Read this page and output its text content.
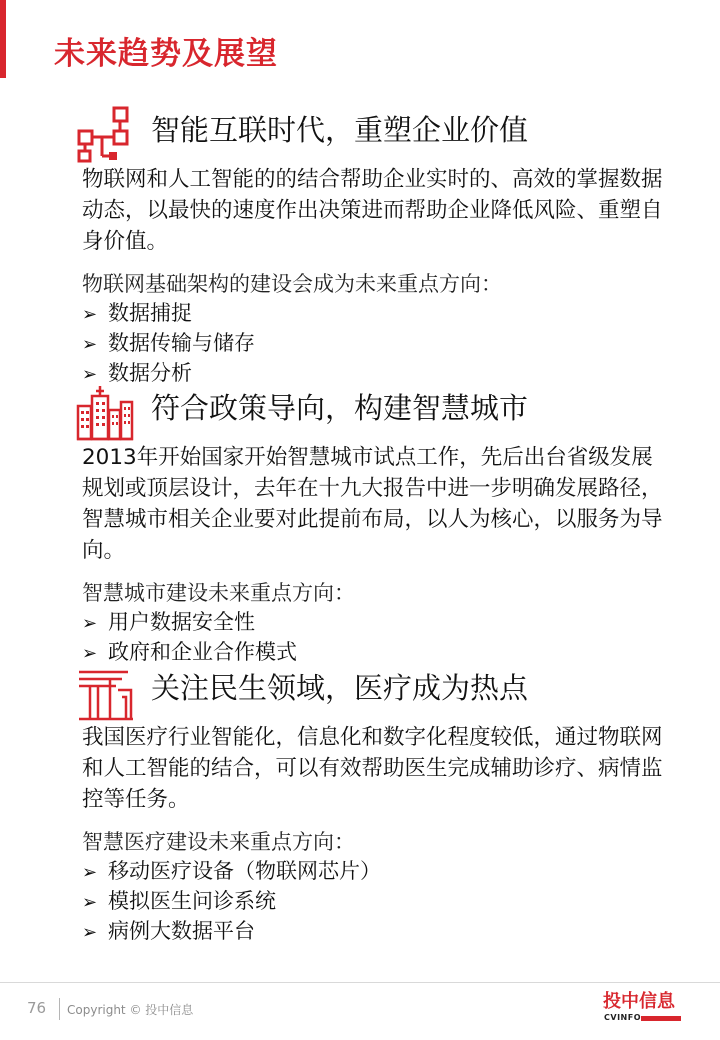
未来趋势及展望
智能互联时代，重塑企业价值

物联网和人工智能的的结合帮助企业实时的、高效的掌握数据动态，以最快的速度作出决策进而帮助企业降低风险、重塑自身价值。

物联网基础架构的建设会成为未来重点方向：

➢ 数据捕捉
➢ 数据传输与储存
➢ 数据分析
符合政策导向，构建智慧城市

2013年开始国家开始智慧城市试点工作，先后出台省级发展规划或顶层设计，去年在十九大报告中进一步明确发展路径，智慧城市相关企业要对此提前布局，以人为核心，以服务为导向。

智慧城市建设未来重点方向：

➢ 用户数据安全性
➢ 政府和企业合作模式
关注民生领域，医疗成为热点

我国医疗行业智能化，信息化和数字化程度较低，通过物联网和人工智能的结合，可以有效帮助医生完成辅助诊疗、病情监控等任务。

智慧医疗建设未来重点方向：

➢ 移动医疗设备（物联网芯片）
➢ 模拟医生问诊系统
➢ 病例大数据平台
76 Copyright © 投中信息	投中信息
CVINFO
